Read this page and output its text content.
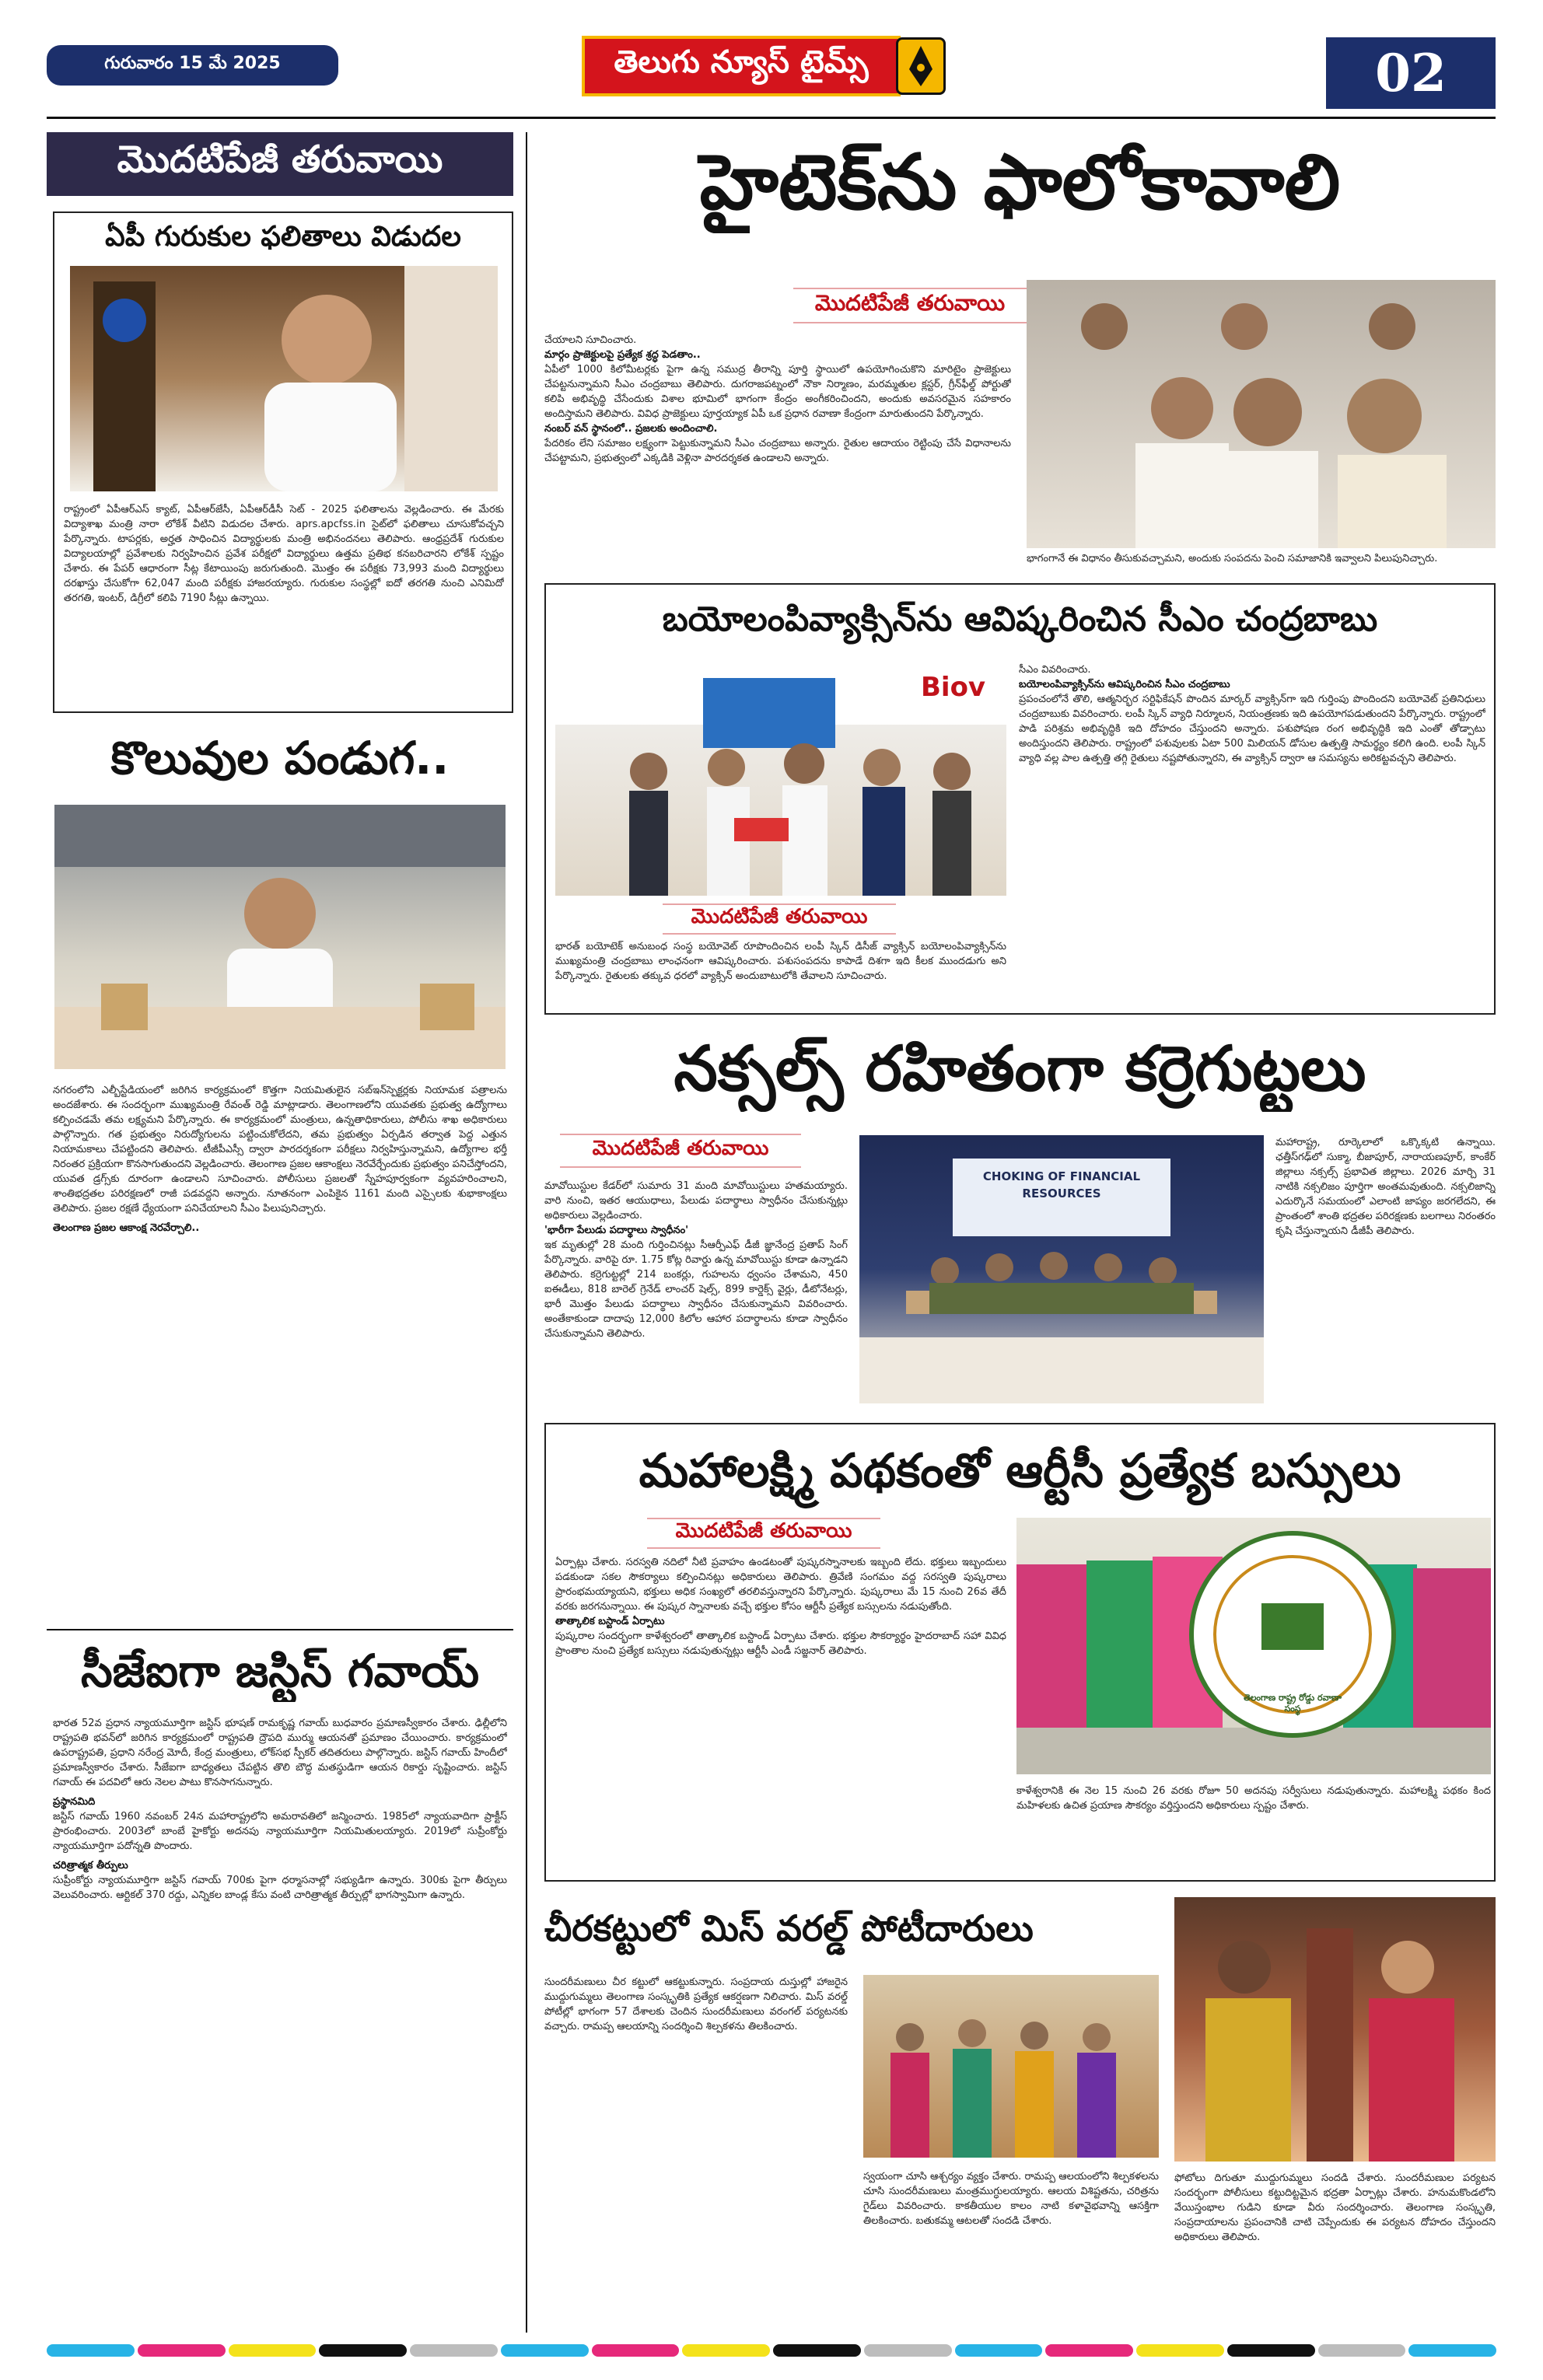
గురువారం 15 మే 2025	తెలుగు న్యూస్ టైమ్స్	02
మొదటిపేజీ తరువాయి
ఏపీ గురుకుల ఫలితాలు విడుదల
రాష్ట్రంలో ఏపీఆర్ఎస్ క్యాట్, ఏపీఆర్‌జేసీ, ఏపీఆర్‌డీసీ సెట్ - 2025 ఫలితాలను వెల్లడించారు. ఈ మేరకు విద్యాశాఖ మంత్రి నారా లోకేశ్ వీటిని విడుదల చేశారు. aprs.apcfss.in సైట్‌లో ఫలితాలు చూసుకోవచ్చని పేర్కొన్నారు. టాపర్లకు, అర్హత సాధించిన విద్యార్థులకు మంత్రి అభినందనలు తెలిపారు. ఆంధ్రప్రదేశ్ గురుకుల విద్యాలయాల్లో ప్రవేశాలకు నిర్వహించిన ప్రవేశ పరీక్షలో విద్యార్థులు ఉత్తమ ప్రతిభ కనబరిచారని లోకేశ్ స్పష్టం చేశారు. ఈ పేపర్ ఆధారంగా సీట్ల కేటాయింపు జరుగుతుంది. మొత్తం ఈ పరీక్షకు 73,993 మంది విద్యార్థులు దరఖాస్తు చేసుకోగా 62,047 మంది పరీక్షకు హాజరయ్యారు. గురుకుల సంస్థల్లో ఐదో తరగతి నుంచి ఎనిమిదో తరగతి, ఇంటర్, డిగ్రీలో కలిపి 7190 సీట్లు ఉన్నాయి.
కొలువుల పండుగ..
నగరంలోని ఎల్బీస్టేడియంలో జరిగిన కార్యక్రమంలో కొత్తగా నియమితులైన సబ్‌ఇన్‌స్పెక్టర్లకు నియామక పత్రాలను అందజేశారు. ఈ సందర్భంగా ముఖ్యమంత్రి రేవంత్ రెడ్డి మాట్లాడారు. తెలంగాణలోని యువతకు ప్రభుత్వ ఉద్యోగాలు కల్పించడమే తమ లక్ష్యమని పేర్కొన్నారు. ఈ కార్యక్రమంలో మంత్రులు, ఉన్నతాధికారులు, పోలీసు శాఖ అధికారులు పాల్గొన్నారు. గత ప్రభుత్వం నిరుద్యోగులను పట్టించుకోలేదని, తమ ప్రభుత్వం ఏర్పడిన తర్వాత పెద్ద ఎత్తున నియామకాలు చేపట్టిందని తెలిపారు. టీజీపీఎస్సీ ద్వారా పారదర్శకంగా పరీక్షలు నిర్వహిస్తున్నామని, ఉద్యోగాల భర్తీ నిరంతర ప్రక్రియగా కొనసాగుతుందని వెల్లడించారు. తెలంగాణ ప్రజల ఆకాంక్షలు నెరవేర్చేందుకు ప్రభుత్వం పనిచేస్తోందని, యువత డ్రగ్స్‌కు దూరంగా ఉండాలని సూచించారు. పోలీసులు ప్రజలతో స్నేహపూర్వకంగా వ్యవహరించాలని, శాంతిభద్రతల పరిరక్షణలో రాజీ పడవద్దని అన్నారు. నూతనంగా ఎంపికైన 1161 మంది ఎస్సైలకు శుభాకాంక్షలు తెలిపారు. ప్రజల రక్షణే ధ్యేయంగా పనిచేయాలని సీఎం పిలుపునిచ్చారు.
తెలంగాణ ప్రజల ఆకాంక్ష నెరవేర్చాలి..
సీజేఐగా జస్టిస్ గవాయ్
భారత 52వ ప్రధాన న్యాయమూర్తిగా జస్టిస్ భూషణ్ రామకృష్ణ గవాయ్ బుధవారం ప్రమాణస్వీకారం చేశారు. ఢిల్లీలోని రాష్ట్రపతి భవన్‌లో జరిగిన కార్యక్రమంలో రాష్ట్రపతి ద్రౌపది ముర్ము ఆయనతో ప్రమాణం చేయించారు. కార్యక్రమంలో ఉపరాష్ట్రపతి, ప్రధాని నరేంద్ర మోదీ, కేంద్ర మంత్రులు, లోక్‌సభ స్పీకర్ తదితరులు పాల్గొన్నారు. జస్టిస్ గవాయ్ హిందీలో ప్రమాణస్వీకారం చేశారు. సీజేఐగా బాధ్యతలు చేపట్టిన తొలి బౌద్ధ మతస్థుడిగా ఆయన రికార్డు సృష్టించారు. జస్టిస్ గవాయ్ ఈ పదవిలో ఆరు నెలల పాటు కొనసాగనున్నారు.
ప్రస్థానమిది
జస్టిస్ గవాయ్ 1960 నవంబర్ 24న మహారాష్ట్రలోని అమరావతిలో జన్మించారు. 1985లో న్యాయవాదిగా ప్రాక్టీస్ ప్రారంభించారు. 2003లో బాంబే హైకోర్టు అదనపు న్యాయమూర్తిగా నియమితులయ్యారు. 2019లో సుప్రీంకోర్టు న్యాయమూర్తిగా పదోన్నతి పొందారు.
చరిత్రాత్మక తీర్పులు
సుప్రీంకోర్టు న్యాయమూర్తిగా జస్టిస్ గవాయ్ 700కు పైగా ధర్మాసనాల్లో సభ్యుడిగా ఉన్నారు. 300కు పైగా తీర్పులు వెలువరించారు. ఆర్టికల్ 370 రద్దు, ఎన్నికల బాండ్ల కేసు వంటి చారిత్రాత్మక తీర్పుల్లో భాగస్వామిగా ఉన్నారు.
హైటెక్‌ను ఫాలోకావాలి
మొదటిపేజీ తరువాయి
చేయాలని సూచించారు.
మార్గం ప్రాజెక్టులపై ప్రత్యేక శ్రద్ధ పెడతాం..
ఏపీలో 1000 కిలోమీటర్లకు పైగా ఉన్న సముద్ర తీరాన్ని పూర్తి స్థాయిలో ఉపయోగించుకొని మారిటైం ప్రాజెక్టులు చేపట్టనున్నామని సీఎం చంద్రబాబు తెలిపారు. దుగరాజపట్నంలో నౌకా నిర్మాణం, మరమ్మతుల క్లస్టర్, గ్రీన్‌ఫీల్డ్ పోర్టుతో కలిపి అభివృద్ధి చేసేందుకు విశాల భూమిలో భాగంగా కేంద్రం అంగీకరించిందని, అందుకు అవసరమైన సహకారం అందిస్తామని తెలిపారు. వివిధ ప్రాజెక్టులు పూర్తయ్యాక ఏపీ ఒక ప్రధాన రవాణా కేంద్రంగా మారుతుందని పేర్కొన్నారు.
నంబర్ వన్‌ స్థానంలో.. ప్రజలకు అందించాలి.
పేదరికం లేని సమాజం లక్ష్యంగా పెట్టుకున్నామని సీఎం చంద్రబాబు అన్నారు. రైతుల ఆదాయం రెట్టింపు చేసే విధానాలను చేపట్టామని, ప్రభుత్వంలో ఎక్కడికి వెళ్లినా పారదర్శకత ఉండాలని అన్నారు.
భాగంగానే ఈ విధానం తీసుకువచ్చామని, అందుకు సంపదను పెంచి సమాజానికి ఇవ్వాలని పిలుపునిచ్చారు.
బయోలంపివ్యాక్సిన్‌ను ఆవిష్కరించిన సీఎం చంద్రబాబు
Biov
మొదటిపేజీ తరువాయి
భారత్ బయోటెక్ అనుబంధ సంస్థ బయోవెట్ రూపొందించిన లంపీ స్కిన్ డిసీజ్ వ్యాక్సిన్ బయోలంపివ్యాక్సిన్‌ను ముఖ్యమంత్రి చంద్రబాబు లాంఛనంగా ఆవిష్కరించారు. పశుసంపదను కాపాడే దిశగా ఇది కీలక ముందడుగు అని పేర్కొన్నారు. రైతులకు తక్కువ ధరలో వ్యాక్సిన్ అందుబాటులోకి తేవాలని సూచించారు.
సీఎం వివరించారు.
బయోలంపివ్యాక్సిన్‌ను ఆవిష్కరించిన సీఎం చంద్రబాబు
ప్రపంచంలోనే తొలి, ఆత్మనిర్భర సర్టిఫికేషన్ పొందిన మార్కర్ వ్యాక్సిన్‌గా ఇది గుర్తింపు పొందిందని బయోవెట్ ప్రతినిధులు చంద్రబాబుకు వివరించారు. లంపీ స్కిన్ వ్యాధి నిర్మూలన, నియంత్రణకు ఇది ఉపయోగపడుతుందని పేర్కొన్నారు. రాష్ట్రంలో పాడి పరిశ్రమ అభివృద్ధికి ఇది దోహదం చేస్తుందని అన్నారు. పశుపోషణ రంగ అభివృద్ధికి ఇది ఎంతో తోడ్పాటు అందిస్తుందని తెలిపారు. రాష్ట్రంలో పశువులకు ఏటా 500 మిలియన్ డోసుల ఉత్పత్తి సామర్థ్యం కలిగి ఉంది. లంపీ స్కిన్ వ్యాధి వల్ల పాల ఉత్పత్తి తగ్గి రైతులు నష్టపోతున్నారని, ఈ వ్యాక్సిన్ ద్వారా ఆ సమస్యను అరికట్టవచ్చని తెలిపారు.
నక్సల్స్ రహితంగా కర్రెగుట్టలు
మొదటిపేజీ తరువాయి
మావోయిస్టుల కేడర్‌లో సుమారు 31 మంది మావోయిస్టులు హతమయ్యారు. వారి నుంచి, ఇతర ఆయుధాలు, పేలుడు పదార్థాలు స్వాధీనం చేసుకున్నట్లు అధికారులు వెల్లడించారు.
'భారీగా పేలుడు పదార్థాలు స్వాధీనం'
ఇక మృతుల్లో 28 మంది గుర్తించినట్లు సీఆర్పీఎఫ్ డీజీ జ్ఞానేంద్ర ప్రతాప్ సింగ్ పేర్కొన్నారు. వారిపై రూ. 1.75 కోట్ల రివార్డు ఉన్న మావోయిస్టు కూడా ఉన్నాడని తెలిపారు. కర్రెగుట్టల్లో 214 బంకర్లు, గుహలను ధ్వంసం చేశామని, 450 ఐఈడీలు, 818 బారెల్ గ్రెనేడ్ లాంచర్ షెల్స్, 899 కార్డెక్స్ వైర్లు, డీటోనేటర్లు, భారీ మొత్తం పేలుడు పదార్థాలు స్వాధీనం చేసుకున్నామని వివరించారు. అంతేకాకుండా దాదాపు 12,000 కిలోల ఆహార పదార్థాలను కూడా స్వాధీనం చేసుకున్నామని తెలిపారు.
CHOKING OF FINANCIAL RESOURCES
మహారాష్ట్ర, రూర్కెలాలో ఒక్కొక్కటి ఉన్నాయి. ఛత్తీస్‌గఢ్‌లో సుక్మా, బీజాపూర్, నారాయణపూర్, కాంకేర్ జిల్లాలు నక్సల్స్ ప్రభావిత జిల్లాలు. 2026 మార్చి 31 నాటికి నక్సలిజం పూర్తిగా అంతమవుతుంది. నక్సలిజాన్ని ఎదుర్కొనే సమయంలో ఎలాంటి జాప్యం జరగలేదని, ఈ ప్రాంతంలో శాంతి భద్రతల పరిరక్షణకు బలగాలు నిరంతరం కృషి చేస్తున్నాయని డీజీపీ తెలిపారు.
మహాలక్ష్మి పథకంతో ఆర్టీసీ ప్రత్యేక బస్సులు
మొదటిపేజీ తరువాయి
ఏర్పాట్లు చేశారు. సరస్వతి నదిలో నీటి ప్రవాహం ఉండటంతో పుష్కరస్నానాలకు ఇబ్బంది లేదు. భక్తులు ఇబ్బందులు పడకుండా సకల సౌకర్యాలు కల్పించినట్లు అధికారులు తెలిపారు. త్రివేణి సంగమం వద్ద సరస్వతి పుష్కరాలు ప్రారంభమయ్యాయని, భక్తులు అధిక సంఖ్యలో తరలివస్తున్నారని పేర్కొన్నారు. పుష్కరాలు మే 15 నుంచి 26వ తేదీ వరకు జరగనున్నాయి. ఈ పుష్కర స్నానాలకు వచ్చే భక్తుల కోసం ఆర్టీసీ ప్రత్యేక బస్సులను నడుపుతోంది.
తాత్కాలిక బస్టాండ్ ఏర్పాటు
పుష్కరాల సందర్భంగా కాళేశ్వరంలో తాత్కాలిక బస్టాండ్ ఏర్పాటు చేశారు. భక్తుల సౌకర్యార్థం హైదరాబాద్ సహా వివిధ ప్రాంతాల నుంచి ప్రత్యేక బస్సులు నడుపుతున్నట్లు ఆర్టీసీ ఎండీ సజ్జనార్ తెలిపారు.
తెలంగాణ రాష్ట్ర రోడ్డు రవాణా సంస్థ
కాళేశ్వరానికి ఈ నెల 15 నుంచి 26 వరకు రోజూ 50 అదనపు సర్వీసులు నడుపుతున్నారు. మహాలక్ష్మి పథకం కింద మహిళలకు ఉచిత ప్రయాణ సౌకర్యం వర్తిస్తుందని అధికారులు స్పష్టం చేశారు.
చీరకట్టులో మిస్ వరల్డ్ పోటీదారులు
సుందరీమణులు చీర కట్టులో ఆకట్టుకున్నారు. సంప్రదాయ దుస్తుల్లో హాజరైన ముద్దుగుమ్మలు తెలంగాణ సంస్కృతికి ప్రత్యేక ఆకర్షణగా నిలిచారు. మిస్ వరల్డ్ పోటీల్లో భాగంగా 57 దేశాలకు చెందిన సుందరీమణులు వరంగల్ పర్యటనకు వచ్చారు. రామప్ప ఆలయాన్ని సందర్శించి శిల్పకళను తిలకించారు.
స్వయంగా చూసి ఆశ్చర్యం వ్యక్తం చేశారు. రామప్ప ఆలయంలోని శిల్పకళలను చూసి సుందరీమణులు మంత్రముగ్ధులయ్యారు. ఆలయ విశిష్టతను, చరిత్రను గైడ్‌లు వివరించారు. కాకతీయుల కాలం నాటి కళావైభవాన్ని ఆసక్తిగా తిలకించారు. బతుకమ్మ ఆటలతో సందడి చేశారు.
ఫోటోలు దిగుతూ ముద్దుగుమ్మలు సందడి చేశారు. సుందరీమణుల పర్యటన సందర్భంగా పోలీసులు కట్టుదిట్టమైన భద్రతా ఏర్పాట్లు చేశారు. హనుమకొండలోని వేయిస్తంభాల గుడిని కూడా వీరు సందర్శించారు. తెలంగాణ సంస్కృతి, సంప్రదాయాలను ప్రపంచానికి చాటి చెప్పేందుకు ఈ పర్యటన దోహదం చేస్తుందని అధికారులు తెలిపారు.
